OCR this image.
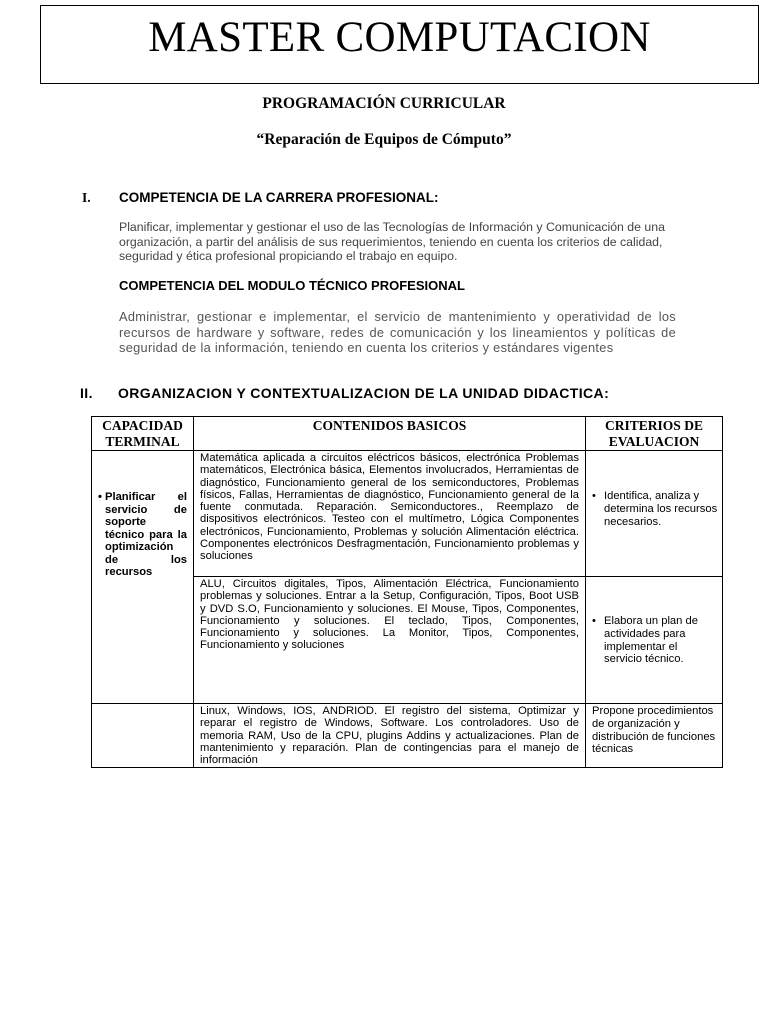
MASTER COMPUTACION
PROGRAMACIÓN CURRICULAR
“Reparación de Equipos de Cómputo”
I. COMPETENCIA DE LA CARRERA PROFESIONAL:

Planificar, implementar y gestionar el uso de las Tecnologías de Información y Comunicación de una organización, a partir del análisis de sus requerimientos, teniendo en cuenta los criterios de calidad, seguridad y ética profesional propiciando el trabajo en equipo.

COMPETENCIA DEL MODULO TÉCNICO PROFESIONAL

Administrar, gestionar e implementar, el servicio de mantenimiento y operatividad de los recursos de hardware y software, redes de comunicación y los lineamientos y políticas de seguridad de la información, teniendo en cuenta los criterios y estándares vigentes

II. ORGANIZACION Y CONTEXTUALIZACION DE LA UNIDAD DIDACTICA:
CAPACIDAD TERMINAL	CONTENIDOS BASICOS	CRITERIOS DE EVALUACION

• Planificar el servicio de soporte técnico para la optimización de los recursos	Matemática aplicada a circuitos eléctricos básicos, electrónica Problemas matemáticos, Electrónica básica, Elementos involucrados, Herramientas de diagnóstico, Funcionamiento general de los semiconductores, Problemas físicos, Fallas, Herramientas de diagnóstico, Funcionamiento general de la fuente conmutada. Reparación. Semiconductores., Reemplazo de dispositivos electrónicos. Testeo con el multímetro, Lógica Componentes electrónicos, Funcionamiento, Problemas y solución Alimentación eléctrica. Componentes electrónicos Desfragmentación, Funcionamiento problemas y soluciones	• Identifica, analiza y determina los recursos necesarios.

	ALU, Circuitos digitales, Tipos, Alimentación Eléctrica, Funcionamiento problemas y soluciones. Entrar a la Setup, Configuración, Tipos, Boot USB y DVD S.O, Funcionamiento y soluciones. El Mouse, Tipos, Componentes, Funcionamiento y soluciones. El teclado, Tipos, Componentes, Funcionamiento y soluciones. La Monitor, Tipos, Componentes, Funcionamiento y soluciones	• Elabora un plan de actividades para implementar el servicio técnico.

	Linux, Windows, IOS, ANDRIOD. El registro del sistema, Optimizar y reparar el registro de Windows, Software. Los controladores. Uso de memoria RAM, Uso de la CPU, plugins Addins y actualizaciones. Plan de mantenimiento y reparación. Plan de contingencias para el manejo de información	Propone procedimientos de organización y distribución de funciones técnicas
